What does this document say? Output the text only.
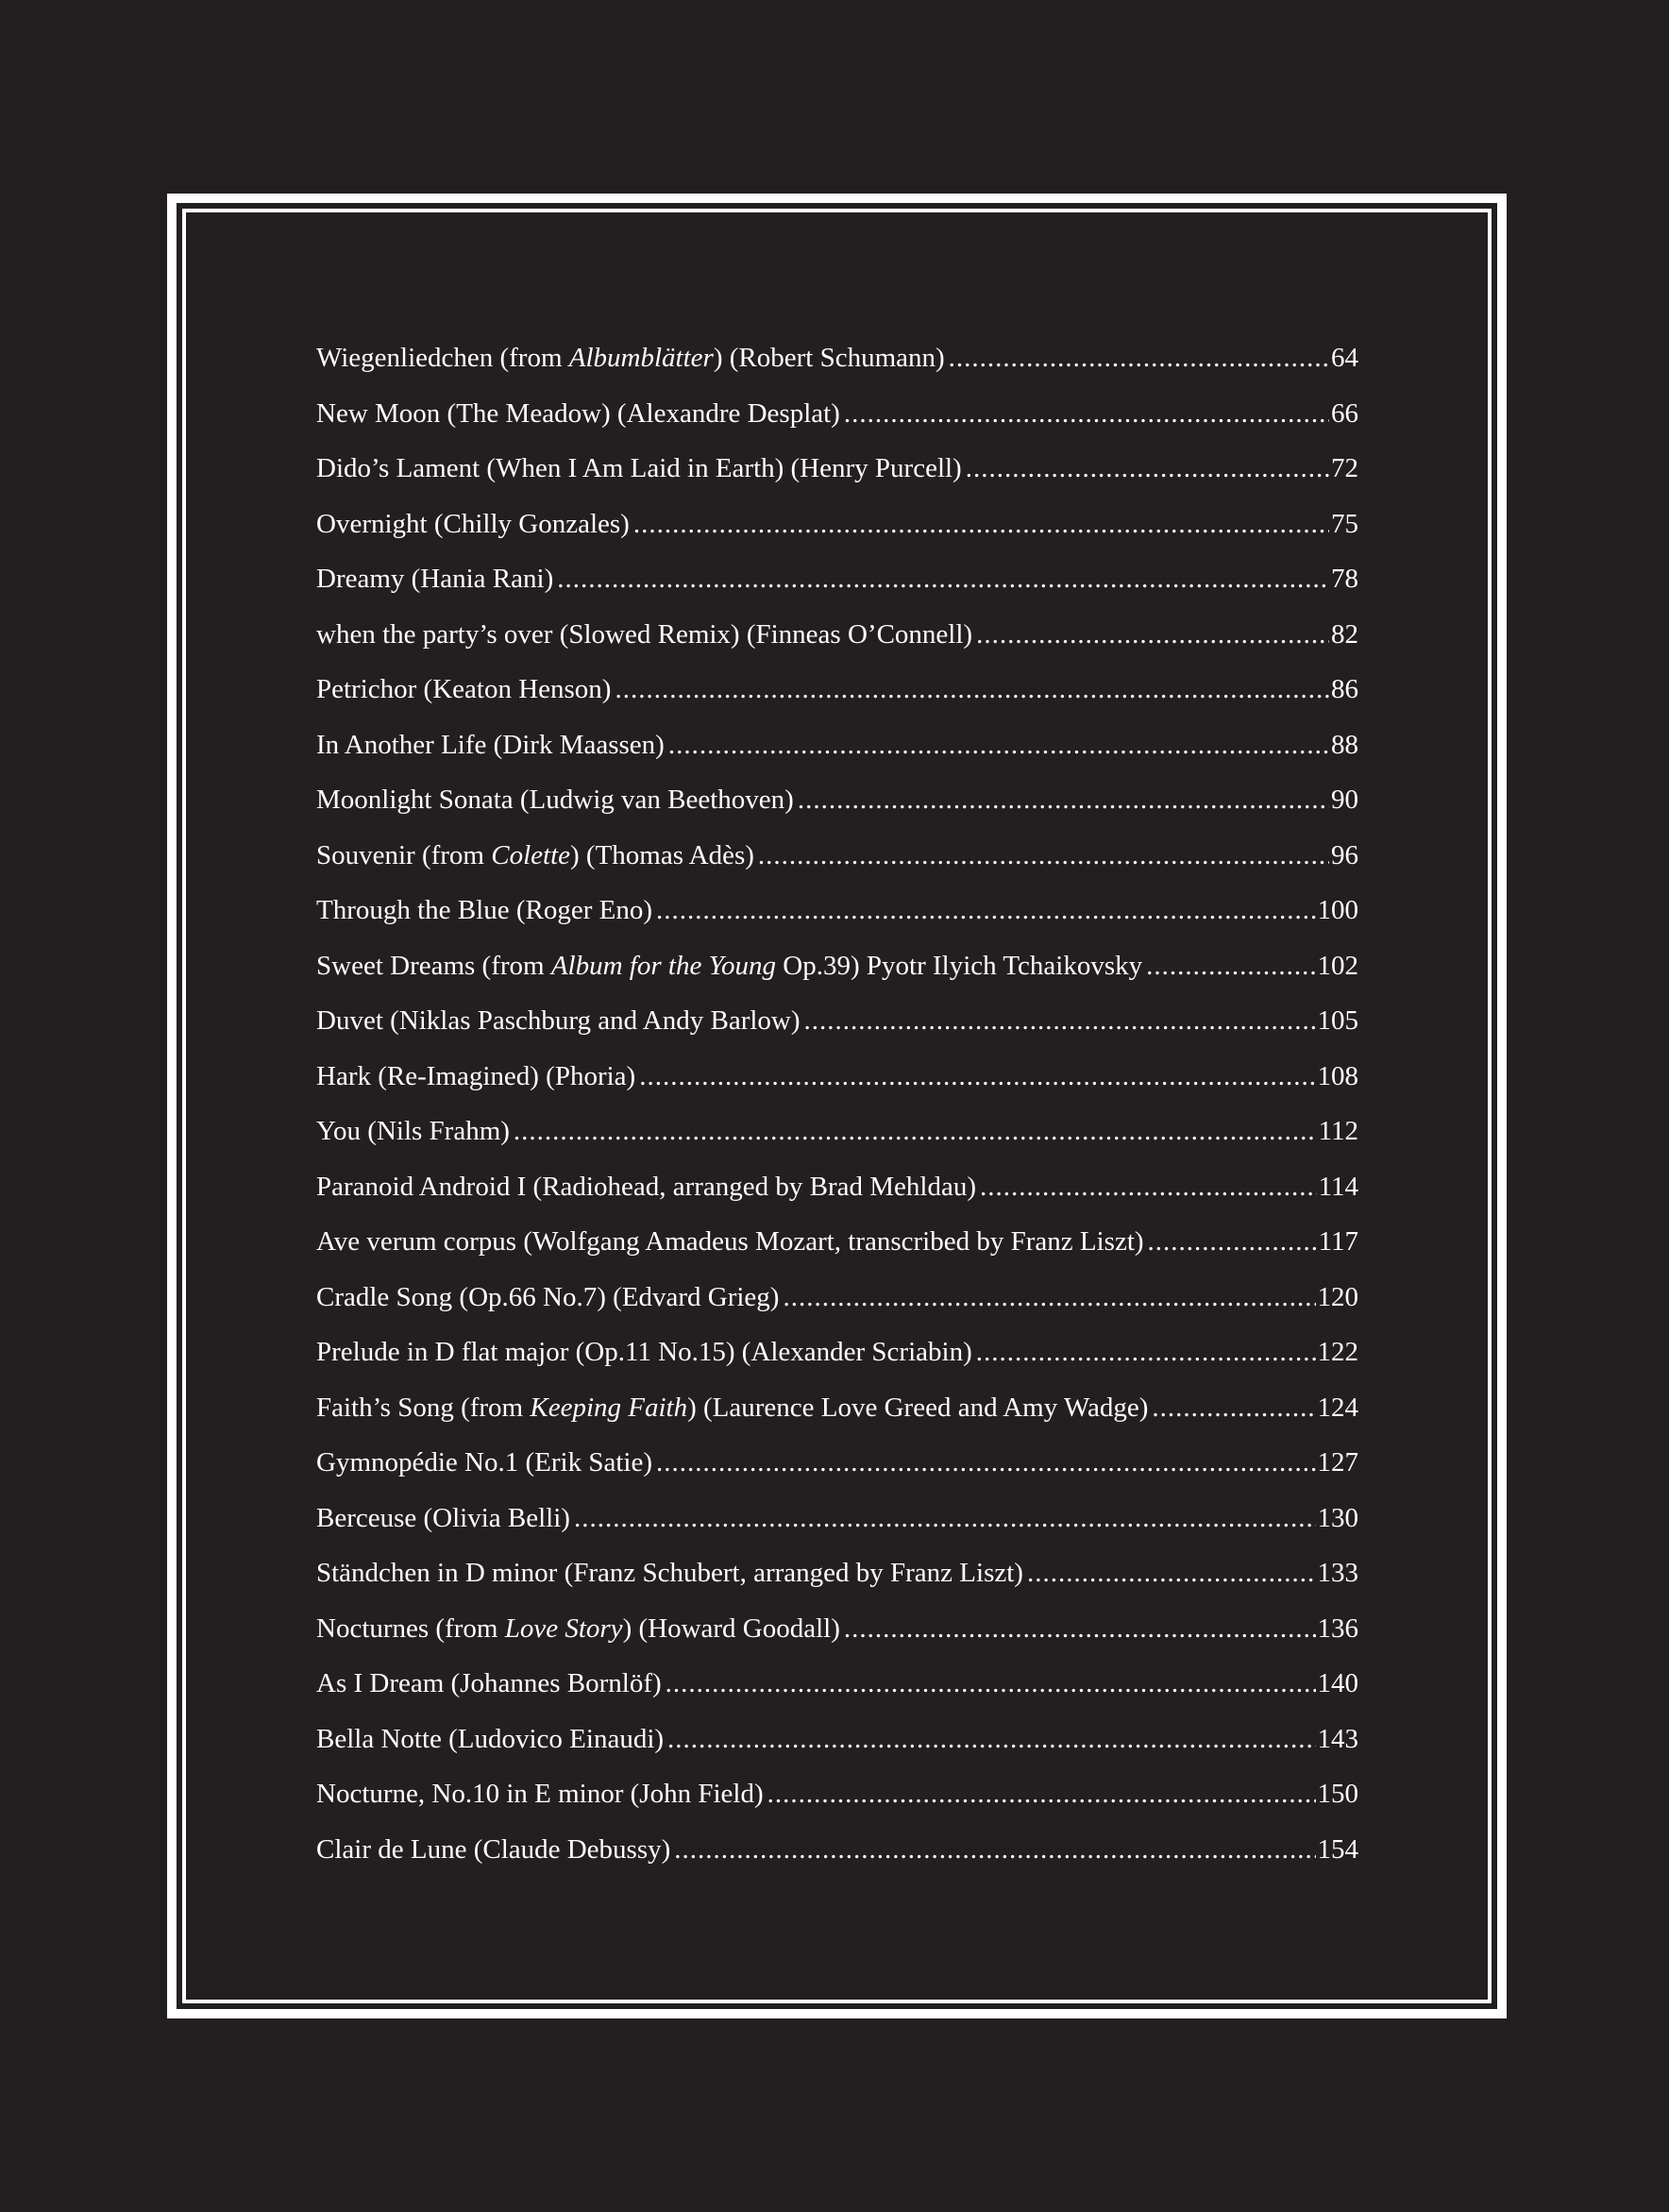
Wiegenliedchen (from Albumblätter) (Robert Schumann) .....	64
New Moon (The Meadow) (Alexandre Desplat) .....	66
Dido’s Lament (When I Am Laid in Earth) (Henry Purcell) .....	72
Overnight (Chilly Gonzales) .....	75
Dreamy (Hania Rani) .....	78
when the party’s over (Slowed Remix) (Finneas O’Connell) .....	82
Petrichor (Keaton Henson) .....	86
In Another Life (Dirk Maassen) .....	88
Moonlight Sonata (Ludwig van Beethoven) .....	90
Souvenir (from Colette) (Thomas Adès) .....	96
Through the Blue (Roger Eno) .....	100
Sweet Dreams (from Album for the Young Op.39) Pyotr Ilyich Tchaikovsky .....	102
Duvet (Niklas Paschburg and Andy Barlow) .....	105
Hark (Re-Imagined) (Phoria) .....	108
You (Nils Frahm) .....	112
Paranoid Android I (Radiohead, arranged by Brad Mehldau) .....	114
Ave verum corpus (Wolfgang Amadeus Mozart, transcribed by Franz Liszt) .....	117
Cradle Song (Op.66 No.7) (Edvard Grieg) .....	120
Prelude in D flat major (Op.11 No.15) (Alexander Scriabin) .....	122
Faith’s Song (from Keeping Faith) (Laurence Love Greed and Amy Wadge) .....	124
Gymnopédie No.1 (Erik Satie) .....	127
Berceuse (Olivia Belli) .....	130
Ständchen in D minor (Franz Schubert, arranged by Franz Liszt) .....	133
Nocturnes (from Love Story) (Howard Goodall) .....	136
As I Dream (Johannes Bornlöf) .....	140
Bella Notte (Ludovico Einaudi) .....	143
Nocturne, No.10 in E minor (John Field) .....	150
Clair de Lune (Claude Debussy) .....	154
